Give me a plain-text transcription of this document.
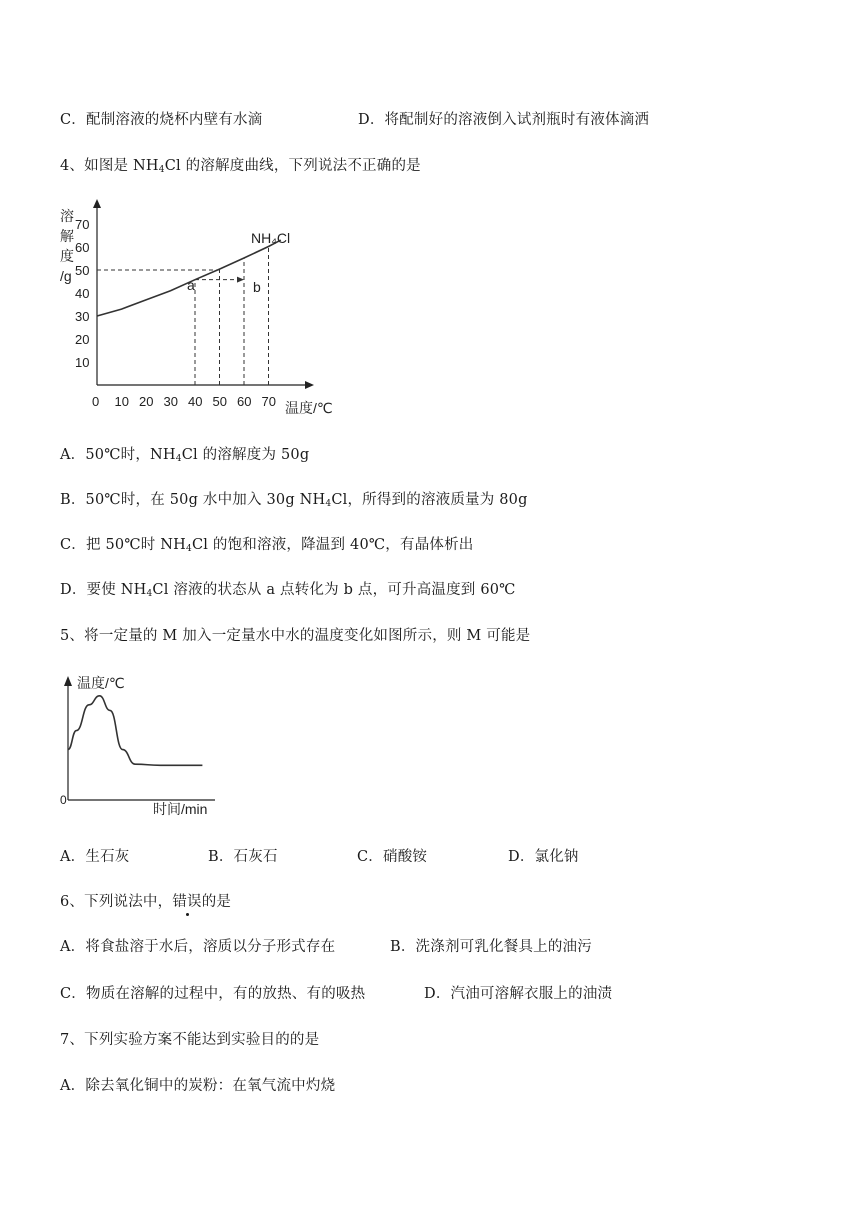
C．配制溶液的烧杯内壁有水滴	D．将配制好的溶液倒入试剂瓶时有液体滴洒
4、如图是 $NH_4Cl$ 的溶解度曲线，下列说法不正确的是
溶
解
度
/g
0	温度/℃
NH₄Cl
a	b
10
20
30
40
50
60
70
10 20 30 40 50 60 70
A．50℃时，$NH_4Cl$ 的溶解度为 50g
B．50℃时，在 50g 水中加入 30g $NH_4Cl$，所得到的溶液质量为 80g
C．把 50℃时 $NH_4Cl$ 的饱和溶液，降温到 40℃，有晶体析出
D．要使 $NH_4Cl$ 溶液的状态从 a 点转化为 b 点，可升高温度到 60℃
5、将一定量的 M 加入一定量水中水的温度变化如图所示，则 M 可能是
温度/℃
0
时间/min
A．生石灰	B．石灰石	C．硝酸铵	D．氯化钠
6、下列说法中，错误的是
A．将食盐溶于水后，溶质以分子形式存在	B．洗涤剂可乳化餐具上的油污
C．物质在溶解的过程中，有的放热、有的吸热	D．汽油可溶解衣服上的油渍
7、下列实验方案不能达到实验目的的是
A．除去氧化铜中的炭粉：在氧气流中灼烧
